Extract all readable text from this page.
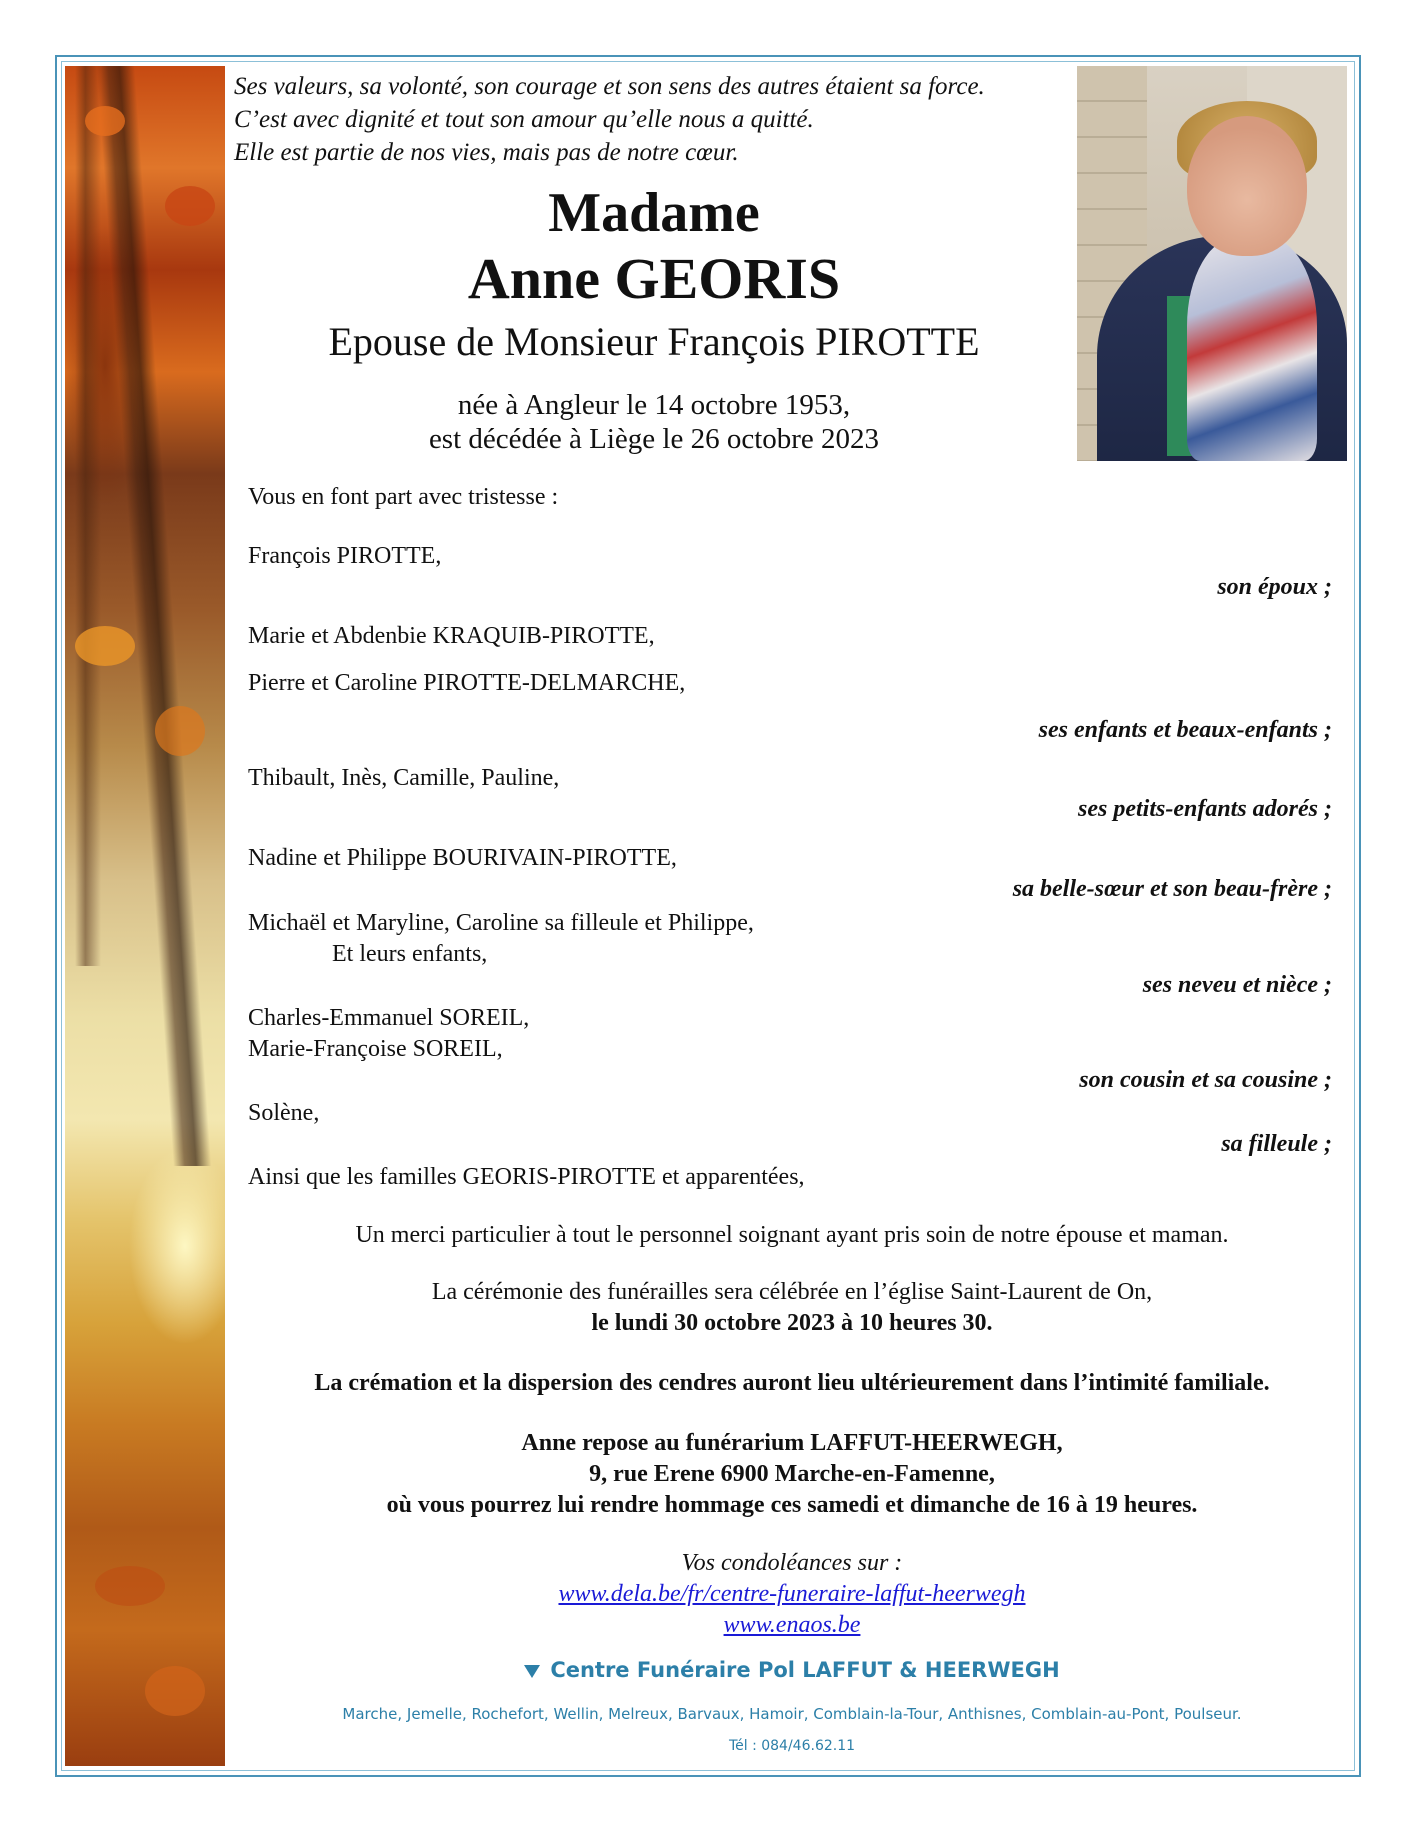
Ses valeurs, sa volonté, son courage et son sens des autres étaient sa force.
C’est avec dignité et tout son amour qu’elle nous a quitté.
Elle est partie de nos vies, mais pas de notre cœur.
Madame
Anne GEORIS
Epouse de Monsieur François PIROTTE
née à Angleur le 14 octobre 1953,
est décédée à Liège le 26 octobre 2023
Vous en font part avec tristesse :
François PIROTTE,
son époux ;
Marie et Abdenbie KRAQUIB-PIROTTE,
Pierre et Caroline PIROTTE-DELMARCHE,
ses enfants et beaux-enfants ;
Thibault, Inès, Camille, Pauline,
ses petits-enfants adorés ;
Nadine et Philippe BOURIVAIN-PIROTTE,
sa belle-sœur et son beau-frère ;
Michaël et Maryline, Caroline sa filleule et Philippe,
Et leurs enfants,
ses neveu et nièce ;
Charles-Emmanuel SOREIL,
Marie-Françoise SOREIL,
son cousin et sa cousine ;
Solène,
sa filleule ;
Ainsi que les familles GEORIS-PIROTTE et apparentées,
Un merci particulier à tout le personnel soignant ayant pris soin de notre épouse et maman.
La cérémonie des funérailles sera célébrée en l’église Saint-Laurent de On,
le lundi 30 octobre 2023 à 10 heures 30.
La crémation et la dispersion des cendres auront lieu ultérieurement dans l’intimité familiale.
Anne repose au funérarium LAFFUT-HEERWEGH,
9, rue Erene 6900 Marche-en-Famenne,
où vous pourrez lui rendre hommage ces samedi et dimanche de 16 à 19 heures.
Vos condoléances sur :
www.dela.be/fr/centre-funeraire-laffut-heerwegh
www.enaos.be
Centre Funéraire Pol LAFFUT & HEERWEGH
Marche, Jemelle, Rochefort, Wellin, Melreux, Barvaux, Hamoir, Comblain-la-Tour, Anthisnes, Comblain-au-Pont, Poulseur.
Tél : 084/46.62.11
